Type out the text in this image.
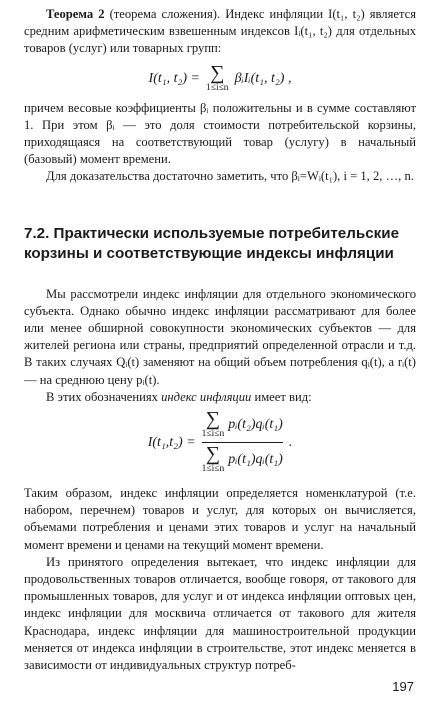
Теорема 2 (теорема сложения). Индекс инфляции I(t₁, t₂) является средним арифметическим взвешенным индексов Iᵢ(t₁, t₂) для отдельных товаров (услуг) или товарных групп:

I(t₁, t₂) = ∑
1≤i≤n
βᵢIᵢ(t₁, t₂) ,

причем весовые коэффициенты βᵢ положительны и в сумме составляют 1. При этом βᵢ — это доля стоимости потребительской корзины, приходящаяся на соответствующий товар (услугу) в начальный (базовый) момент времени.

Для доказательства достаточно заметить, что βᵢ=Wᵢ(t₁), i = 1, 2, …, n.

7.2. Практически используемые потребительские корзины и соответствующие индексы инфляции

Мы рассмотрели индекс инфляции для отдельного экономического субъекта. Однако обычно индекс инфляции рассматривают для более или менее обширной совокупности экономических субъектов — для жителей региона или страны, предприятий определенной отрасли и т.д. В таких случаях Qᵢ(t) заменяют на общий объем потребления qᵢ(t), а rᵢ(t) — на среднюю цену pᵢ(t).

В этих обозначениях индекс инфляции имеет вид:

I(t₁,t₂) = ∑
1≤i≤n
pᵢ(t₂)qᵢ(t₁)
∑
1≤i≤n
pᵢ(t₁)qᵢ(t₁) .

Таким образом, индекс инфляции определяется номенклатурой (т.е. набором, перечнем) товаров и услуг, для которых он вычисляется, объемами потребления и ценами этих товаров и услуг на начальный момент времени и ценами на текущий момент времени.

Из принятого определения вытекает, что индекс инфляции для продовольственных товаров отличается, вообще говоря, от такового для промышленных товаров, для услуг и от индекса инфляции оптовых цен, индекс инфляции для москвича отличается от такового для жителя Краснодара, индекс инфляции для машиностроительной продукции меняется от индекса инфляции в строительстве, этот индекс меняется в зависимости от индивидуальных структур потреб-

197
